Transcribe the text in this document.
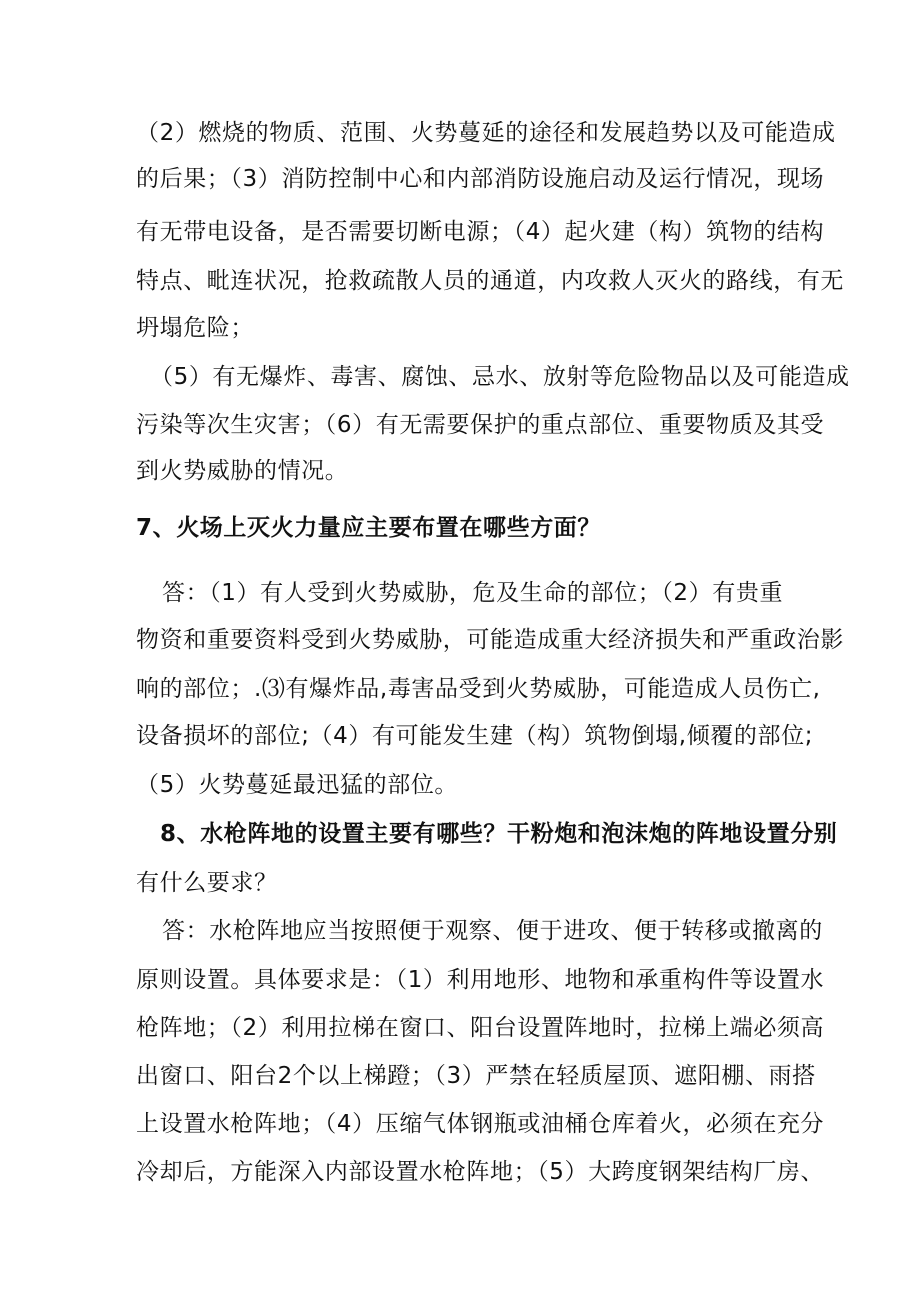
（2）燃烧的物质、范围、火势蔓延的途径和发展趋势以及可能造成
的后果；（3）消防控制中心和内部消防设施启动及运行情况，现场
有无带电设备，是否需要切断电源；（4）起火建（构）筑物的结构
特点、毗连状况，抢救疏散人员的通道，内攻救人灭火的路线，有无
坍塌危险；
（5）有无爆炸、毒害、腐蚀、忌水、放射等危险物品以及可能造成
污染等次生灾害；（6）有无需要保护的重点部位、重要物质及其受
到火势威胁的情况。
7、火场上灭火力量应主要布置在哪些方面？
答：（1）有人受到火势威胁，危及生命的部位；（2）有贵重
物资和重要资料受到火势威胁，可能造成重大经济损失和严重政治影
响的部位；.⑶有爆炸品,毒害品受到火势威胁，可能造成人员伤亡,
设备损坏的部位;（4）有可能发生建（构）筑物倒塌,倾覆的部位;
（5）火势蔓延最迅猛的部位。
8、水枪阵地的设置主要有哪些？干粉炮和泡沫炮的阵地设置分别
有什么要求？
答：水枪阵地应当按照便于观察、便于进攻、便于转移或撤离的
原则设置。具体要求是：（1）利用地形、地物和承重构件等设置水
枪阵地；（2）利用拉梯在窗口、阳台设置阵地时，拉梯上端必须高
出窗口、阳台2个以上梯蹬；（3）严禁在轻质屋顶、遮阳棚、雨搭
上设置水枪阵地；（4）压缩气体钢瓶或油桶仓库着火，必须在充分
冷却后，方能深入内部设置水枪阵地；（5）大跨度钢架结构厂房、
